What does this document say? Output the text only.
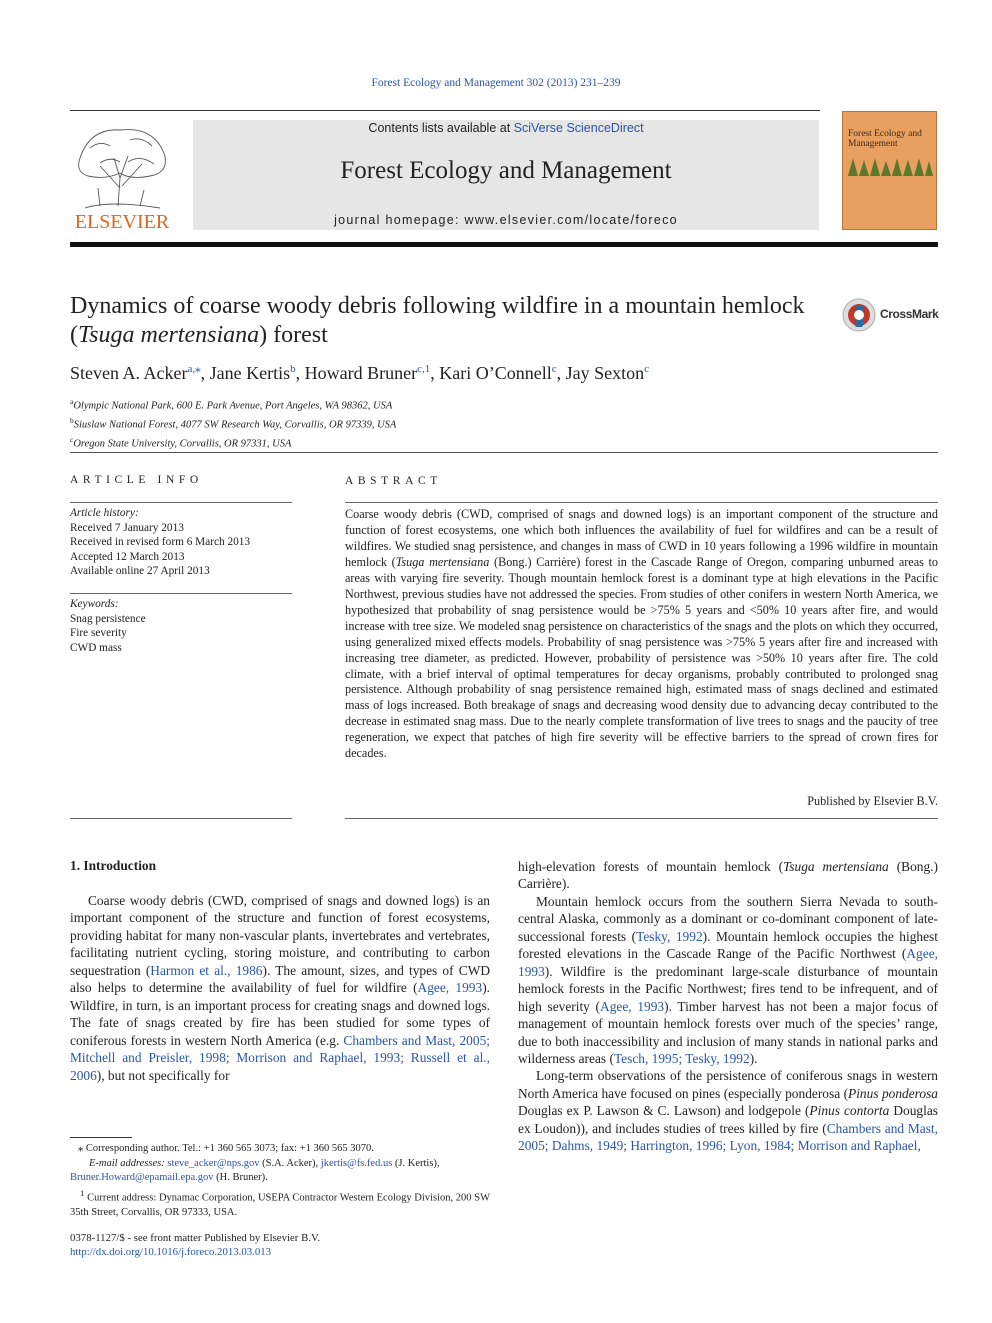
Forest Ecology and Management 302 (2013) 231–239
ELSEVIER
Contents lists available at SciVerse ScienceDirect
Forest Ecology and Management
journal homepage: www.elsevier.com/locate/foreco
Forest Ecology and Management
Dynamics of coarse woody debris following wildfire in a mountain hemlock (Tsuga mertensiana) forest
CrossMark
Steven A. Acker$^{a,⁎}$, Jane Kertis$^b$, Howard Bruner$^{c,1}$, Kari O’Connell$^c$, Jay Sexton$^c$
$^a$Olympic National Park, 600 E. Park Avenue, Port Angeles, WA 98362, USA
$^b$Siuslaw National Forest, 4077 SW Research Way, Corvallis, OR 97339, USA
$^c$Oregon State University, Corvallis, OR 97331, USA
ARTICLE INFO
Article history:
Received 7 January 2013
Received in revised form 6 March 2013
Accepted 12 March 2013
Available online 27 April 2013
Keywords:
Snag persistence
Fire severity
CWD mass
ABSTRACT
Coarse woody debris (CWD, comprised of snags and downed logs) is an important component of the structure and function of forest ecosystems, one which both influences the availability of fuel for wildfires and can be a result of wildfires. We studied snag persistence, and changes in mass of CWD in 10 years following a 1996 wildfire in mountain hemlock (Tsuga mertensiana (Bong.) Carrière) forest in the Cascade Range of Oregon, comparing unburned areas to areas with varying fire severity. Though mountain hemlock forest is a dominant type at high elevations in the Pacific Northwest, previous studies have not addressed the species. From studies of other conifers in western North America, we hypothesized that probability of snag persistence would be >75% 5 years and <50% 10 years after fire, and would increase with tree size. We modeled snag persistence on characteristics of the snags and the plots on which they occurred, using generalized mixed effects models. Probability of snag persistence was >75% 5 years after fire and increased with increasing tree diameter, as predicted. However, probability of persistence was >50% 10 years after fire. The cold climate, with a brief interval of optimal temperatures for decay organisms, probably contributed to prolonged snag persistence. Although probability of snag persistence remained high, estimated mass of snags declined and estimated mass of logs increased. Both breakage of snags and decreasing wood density due to advancing decay contributed to the decrease in estimated snag mass. Due to the nearly complete transformation of live trees to snags and the paucity of tree regeneration, we expect that patches of high fire severity will be effective barriers to the spread of crown fires for decades.
Published by Elsevier B.V.
1. Introduction

Coarse woody debris (CWD, comprised of snags and downed logs) is an important component of the structure and function of forest ecosystems, providing habitat for many non-vascular plants, invertebrates and vertebrates, facilitating nutrient cycling, storing moisture, and contributing to carbon sequestration (Harmon et al., 1986). The amount, sizes, and types of CWD also helps to determine the availability of fuel for wildfire (Agee, 1993). Wildfire, in turn, is an important process for creating snags and downed logs. The fate of snags created by fire has been studied for some types of coniferous forests in western North America (e.g. Chambers and Mast, 2005; Mitchell and Preisler, 1998; Morrison and Raphael, 1993; Russell et al., 2006), but not specifically for

high-elevation forests of mountain hemlock (Tsuga mertensiana (Bong.) Carrière).

Mountain hemlock occurs from the southern Sierra Nevada to south-central Alaska, commonly as a dominant or co-dominant component of late-successional forests (Tesky, 1992). Mountain hemlock occupies the highest forested elevations in the Cascade Range of the Pacific Northwest (Agee, 1993). Wildfire is the predominant large-scale disturbance of mountain hemlock forests in the Pacific Northwest; fires tend to be infrequent, and of high severity (Agee, 1993). Timber harvest has not been a major focus of management of mountain hemlock forests over much of the species’ range, due to both inaccessibility and inclusion of many stands in national parks and wilderness areas (Tesch, 1995; Tesky, 1992).

Long-term observations of the persistence of coniferous snags in western North America have focused on pines (especially ponderosa (Pinus ponderosa Douglas ex P. Lawson & C. Lawson) and lodgepole (Pinus contorta Douglas ex Loudon)), and includes studies of trees killed by fire (Chambers and Mast, 2005; Dahms, 1949; Harrington, 1996; Lyon, 1984; Morrison and Raphael,

⁎ Corresponding author. Tel.: +1 360 565 3073; fax: +1 360 565 3070.

E-mail addresses: steve_acker@nps.gov (S.A. Acker), jkertis@fs.fed.us (J. Kertis),
Bruner.Howard@epamail.epa.gov (H. Bruner).

$^1$ Current address: Dynamac Corporation, USEPA Contractor Western Ecology Division, 200 SW 35th Street, Corvallis, OR 97333, USA.

0378-1127/$ - see front matter Published by Elsevier B.V.
http://dx.doi.org/10.1016/j.foreco.2013.03.013
